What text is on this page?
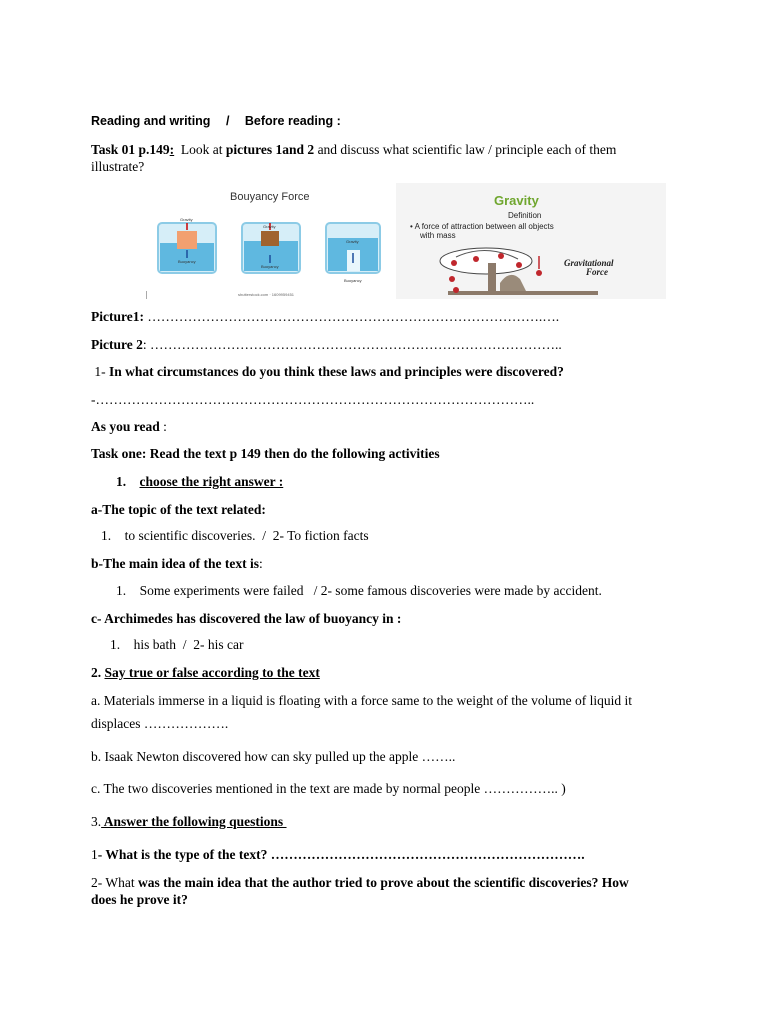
Reading and writing / Before reading :
Task 01 p.149:  Look at pictures 1and 2 and discuss what scientific law / principle each of them
illustrate?
Bouyancy Force
Gravity
Buoyancy
Gravity
Buoyancy
Gravity
Buoyancy
shutterstock.com · 1609959451
Gravity
Definition
• A force of attraction between all objects
with mass
Gravitational
Force
Picture1: …………………………………………………………………………….….
Picture 2: ………………………………………………………………………………..
1- In what circumstances do you think these laws and principles were discovered?
-……………………………………………………………………………………..
As you read :
Task one: Read the text p 149 then do the following activities
1. choose the right answer :
a-The topic of the text related:
1.    to scientific discoveries.  /  2- To fiction facts
b-The main idea of the text is:
1.    Some experiments were failed   / 2- some famous discoveries were made by accident.
c- Archimedes has discovered the law of buoyancy in :
1.    his bath  /  2- his car
2. Say true or false according to the text
a. Materials immerse in a liquid is floating with a force same to the weight of the volume of liquid it
displaces ……………….
b. Isaak Newton discovered how can sky pulled up the apple ……..
c. The two discoveries mentioned in the text are made by normal people …………….. )
3. Answer the following questions
1- What is the type of the text? …………………………………………………………….
2- What was the main idea that the author tried to prove about the scientific discoveries? How
does he prove it?
